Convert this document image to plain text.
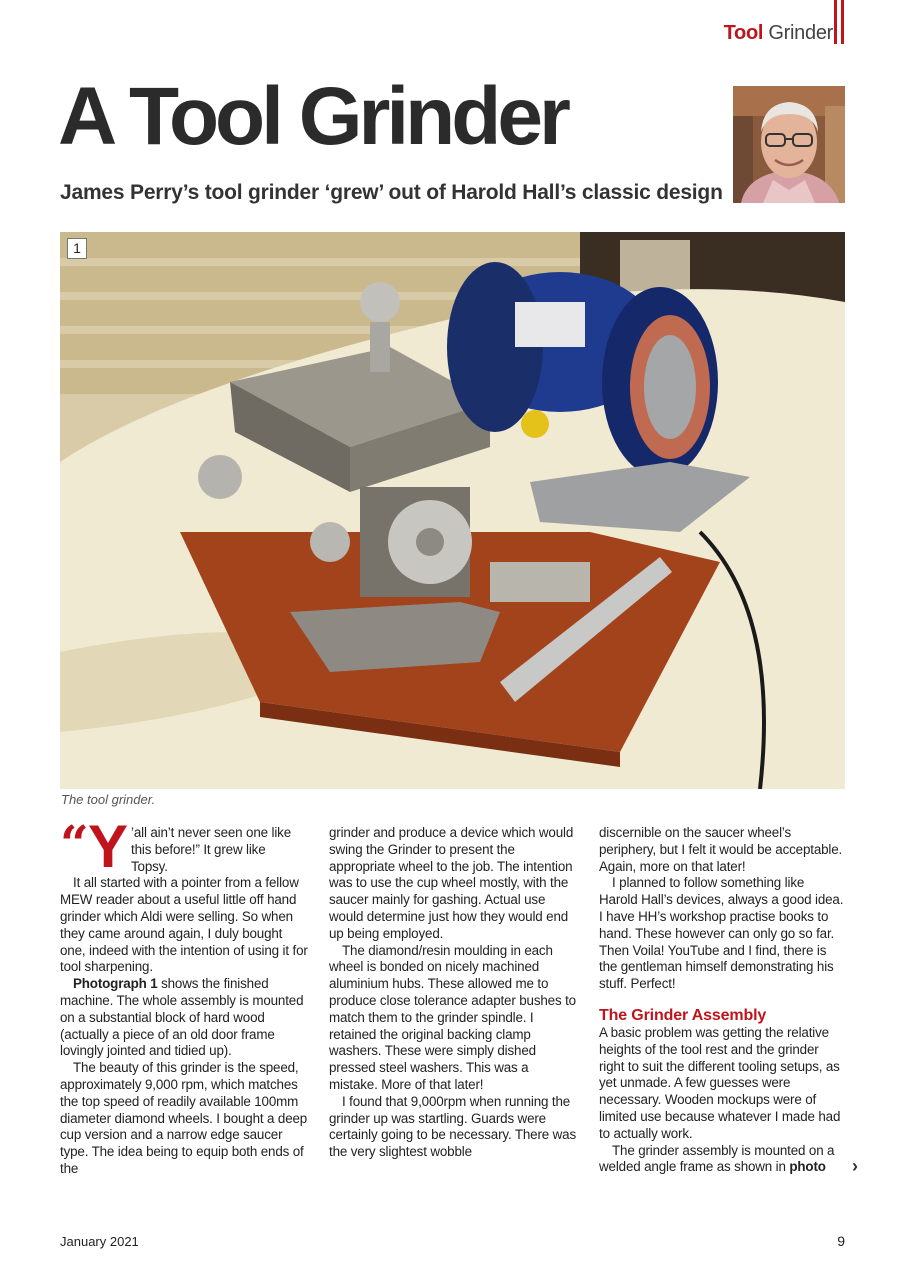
Tool Grinder
A Tool Grinder
James Perry’s tool grinder ‘grew’ out of Harold Hall’s classic design
1
The tool grinder.
“ Y ’all ain’t never seen one like

this before!” It grew like

Topsy.

It all started with a pointer from a fellow MEW reader about a useful little off hand grinder which Aldi were selling. So when they came around again, I duly bought one, indeed with the intention of using it for tool sharpening.

Photograph 1 shows the finished machine. The whole assembly is mounted on a substantial block of hard wood (actually a piece of an old door frame lovingly jointed and tidied up).

The beauty of this grinder is the speed, approximately 9,000 rpm, which matches the top speed of readily available 100mm diameter diamond wheels. I bought a deep cup version and a narrow edge saucer type. The idea being to equip both ends of the

grinder and produce a device which would swing the Grinder to present the appropriate wheel to the job. The intention was to use the cup wheel mostly, with the saucer mainly for gashing. Actual use would determine just how they would end up being employed.

The diamond/resin moulding in each wheel is bonded on nicely machined aluminium hubs. These allowed me to produce close tolerance adapter bushes to match them to the grinder spindle. I retained the original backing clamp washers. These were simply dished pressed steel washers. This was a mistake. More of that later!

I found that 9,000rpm when running the grinder up was startling. Guards were certainly going to be necessary. There was the very slightest wobble

discernible on the saucer wheel’s periphery, but I felt it would be acceptable. Again, more on that later!

I planned to follow something like Harold Hall’s devices, always a good idea. I have HH’s workshop practise books to hand. These however can only go so far. Then Voila! YouTube and I find, there is the gentleman himself demonstrating his stuff. Perfect!

The Grinder Assembly

A basic problem was getting the relative heights of the tool rest and the grinder right to suit the different tooling setups, as yet unmade. A few guesses were necessary. Wooden mockups were of limited use because whatever I made had to actually work.

The grinder assembly is mounted on a welded angle frame as shown in photo	›
January 2021	9
